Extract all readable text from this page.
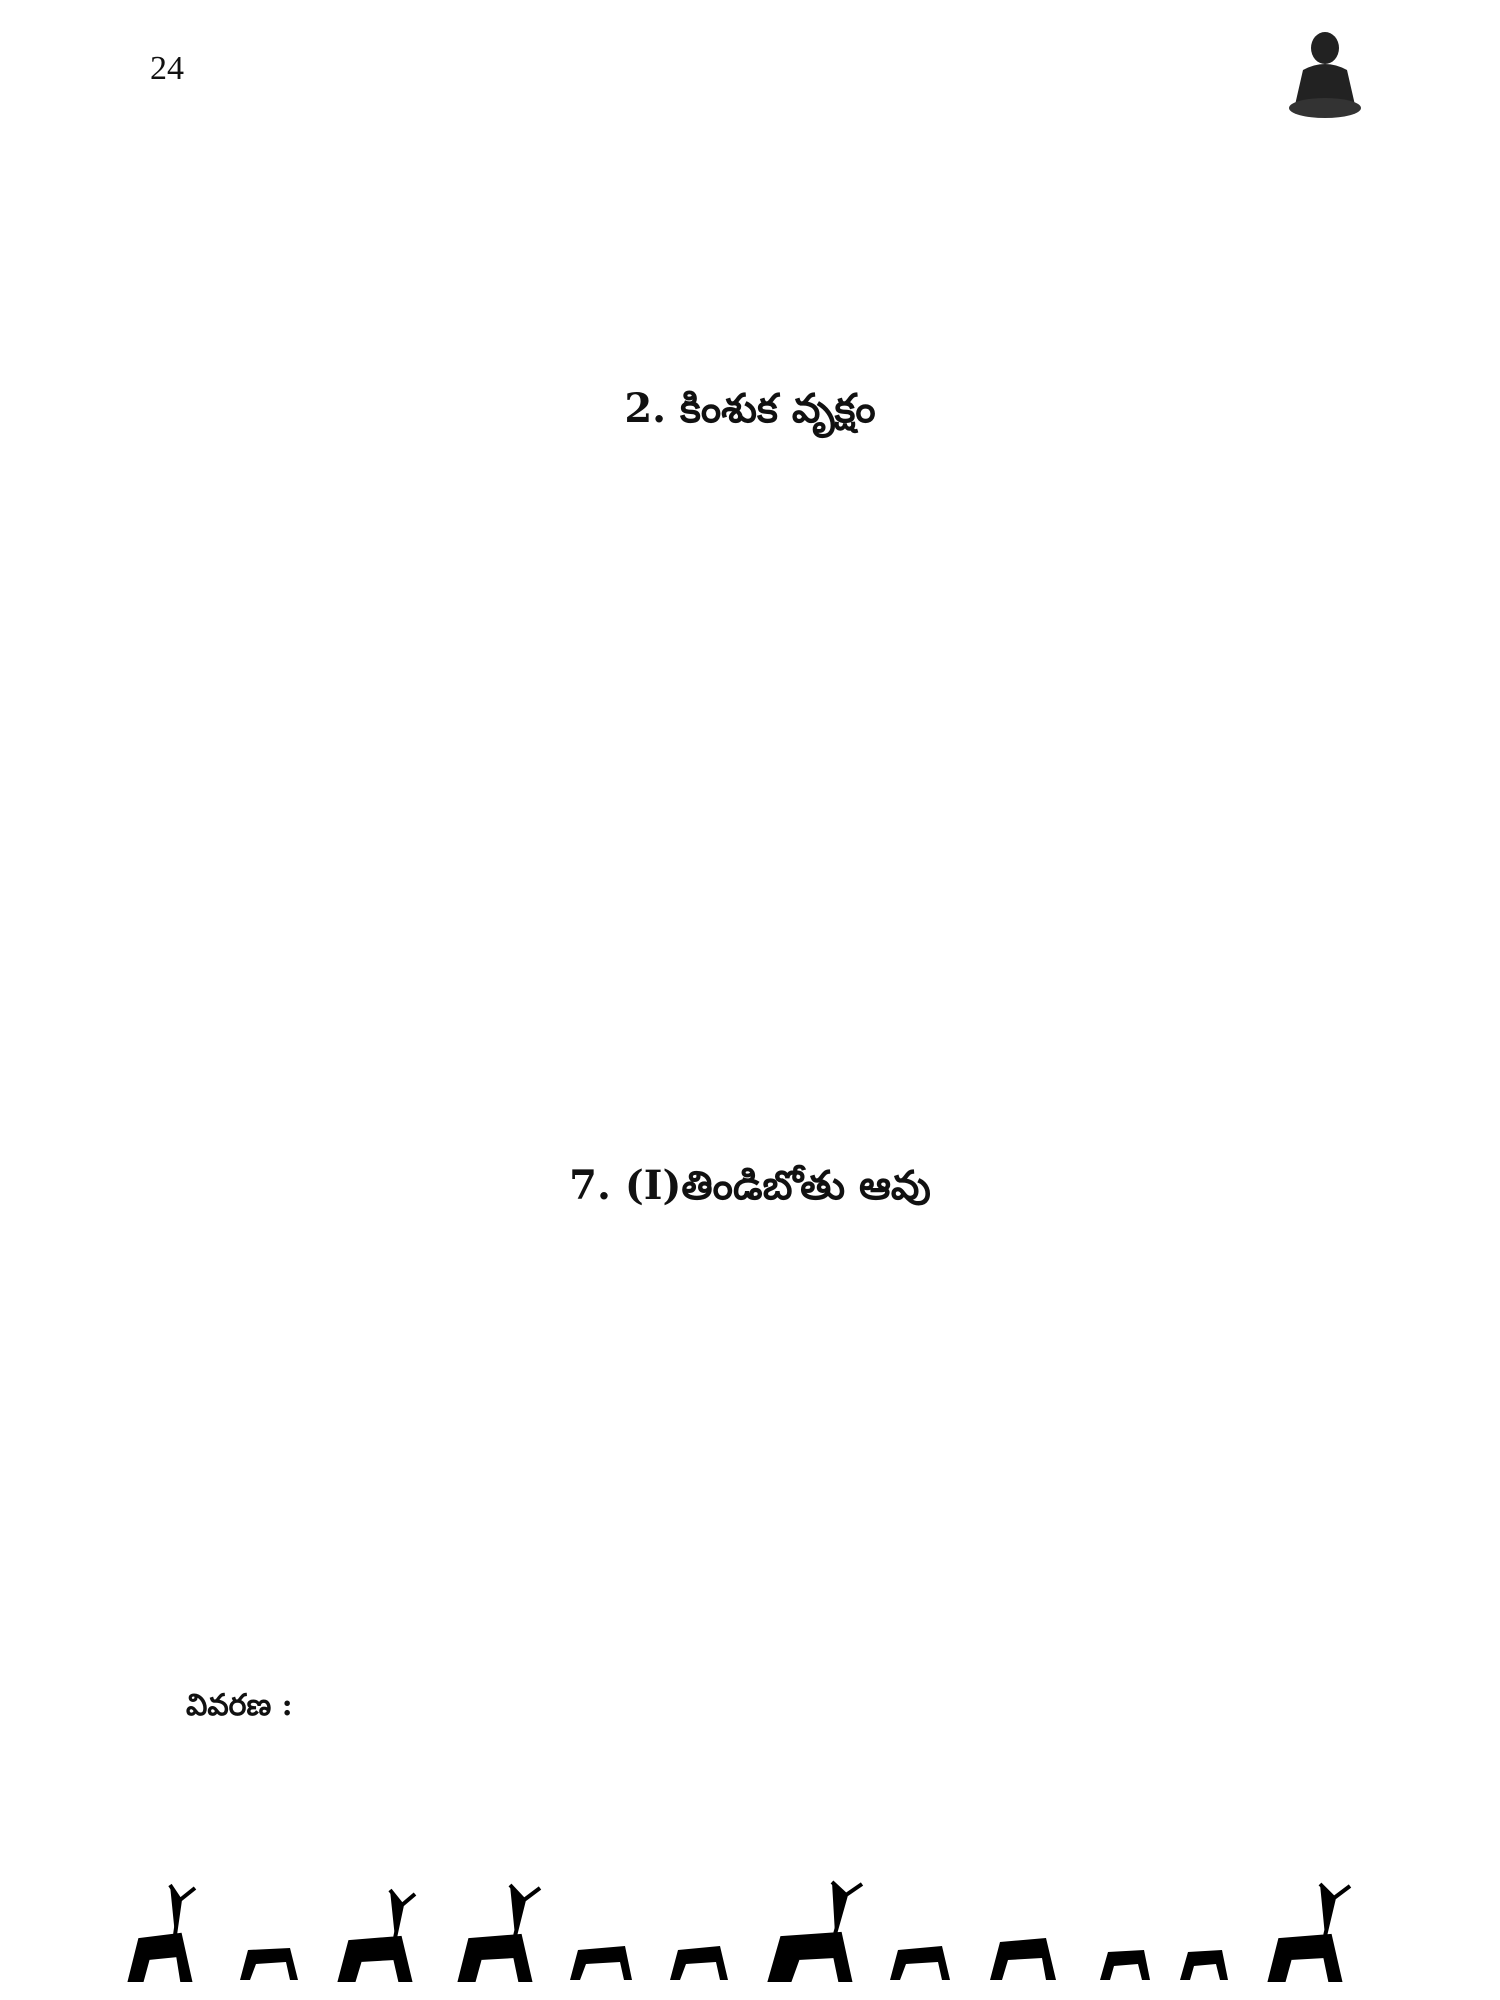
24

2. కింశుక వృక్షం

7. (I)తిండిబోతు ఆవు

వివరణ :
